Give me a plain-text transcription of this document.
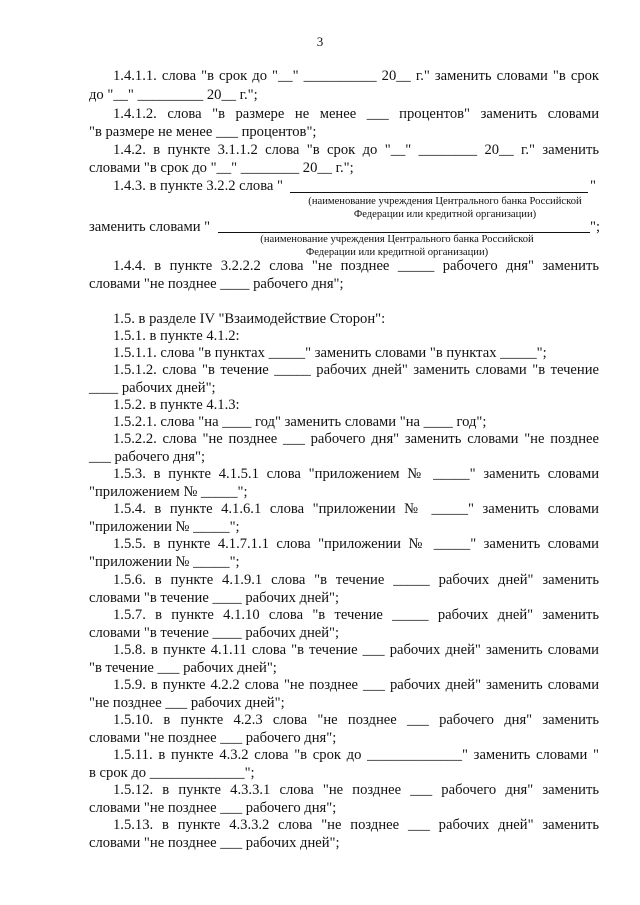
3
1.4.1.1. слова "в срок до "__" __________ 20__ г." заменить словами "в срок
до "__" _________ 20__ г.";
1.4.1.2. слова "в размере не менее ___ процентов" заменить словами
"в размере не менее ___ процентов";
1.4.2. в пункте 3.1.1.2 слова "в срок до "__" ________ 20__ г." заменить
словами "в срок до "__" ________ 20__ г.";
1.4.3. в пункте 3.2.2 слова "	"
(наименование учреждения Центрального банка Российской
Федерации или кредитной организации)
заменить словами "	";
(наименование учреждения Центрального банка Российской
Федерации или кредитной организации)
1.4.4. в пункте 3.2.2.2 слова "не позднее _____ рабочего дня" заменить
словами "не позднее ____ рабочего дня";
1.5. в разделе IV "Взаимодействие Сторон":
1.5.1. в пункте 4.1.2:
1.5.1.1. слова "в пунктах _____" заменить словами "в пунктах _____";
1.5.1.2. слова "в течение _____ рабочих дней" заменить словами "в течение
____ рабочих дней";
1.5.2. в пункте 4.1.3:
1.5.2.1. слова "на ____ год" заменить словами "на ____ год";
1.5.2.2. слова "не позднее ___ рабочего дня" заменить словами "не позднее
___ рабочего дня";
1.5.3. в пункте 4.1.5.1 слова "приложением № _____" заменить словами
"приложением № _____";
1.5.4. в пункте 4.1.6.1 слова "приложении № _____" заменить словами
"приложении № _____";
1.5.5. в пункте 4.1.7.1.1 слова "приложении № _____" заменить словами
"приложении № _____";
1.5.6. в пункте 4.1.9.1 слова "в течение _____ рабочих дней" заменить
словами "в течение ____ рабочих дней";
1.5.7. в пункте 4.1.10 слова "в течение _____ рабочих дней" заменить
словами "в течение ____ рабочих дней";
1.5.8. в пункте 4.1.11 слова "в течение ___ рабочих дней" заменить словами
"в течение ___ рабочих дней";
1.5.9. в пункте 4.2.2 слова "не позднее ___ рабочих дней" заменить словами
"не позднее ___ рабочих дней";
1.5.10. в пункте 4.2.3 слова "не позднее ___ рабочего дня" заменить
словами "не позднее ___ рабочего дня";
1.5.11. в пункте 4.3.2 слова "в срок до _____________" заменить словами "
в срок до _____________";
1.5.12. в пункте 4.3.3.1 слова "не позднее ___ рабочего дня" заменить
словами "не позднее ___ рабочего дня";
1.5.13. в пункте 4.3.3.2 слова "не позднее ___ рабочих дней" заменить
словами "не позднее ___ рабочих дней";
